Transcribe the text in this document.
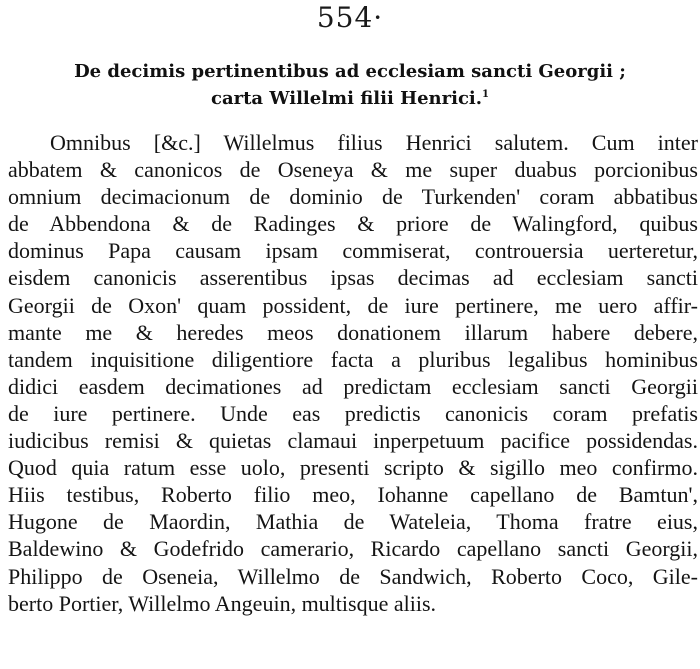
554·
De decimis pertinentibus ad ecclesiam sancti Georgii ;
carta Willelmi filii Henrici.$^1$
Omnibus [&c.] Willelmus filius Henrici salutem. Cum inter
abbatem & canonicos de Oseneya & me super duabus porcionibus
omnium decimacionum de dominio de Turkenden' coram abbatibus
de Abbendona & de Radinges & priore de Walingford, quibus
dominus Papa causam ipsam commiserat, controuersia uerteretur,
eisdem canonicis asserentibus ipsas decimas ad ecclesiam sancti
Georgii de Oxon' quam possident, de iure pertinere, me uero affir-
mante me & heredes meos donationem illarum habere debere,
tandem inquisitione diligentiore facta a pluribus legalibus hominibus
didici easdem decimationes ad predictam ecclesiam sancti Georgii
de iure pertinere. Unde eas predictis canonicis coram prefatis
iudicibus remisi & quietas clamaui inperpetuum pacifice possidendas.
Quod quia ratum esse uolo, presenti scripto & sigillo meo confirmo.
Hiis testibus, Roberto filio meo, Iohanne capellano de Bamtun',
Hugone de Maordin, Mathia de Wateleia, Thoma fratre eius,
Baldewino & Godefrido camerario, Ricardo capellano sancti Georgii,
Philippo de Oseneia, Willelmo de Sandwich, Roberto Coco, Gile-
berto Portier, Willelmo Angeuin, multisque aliis.
